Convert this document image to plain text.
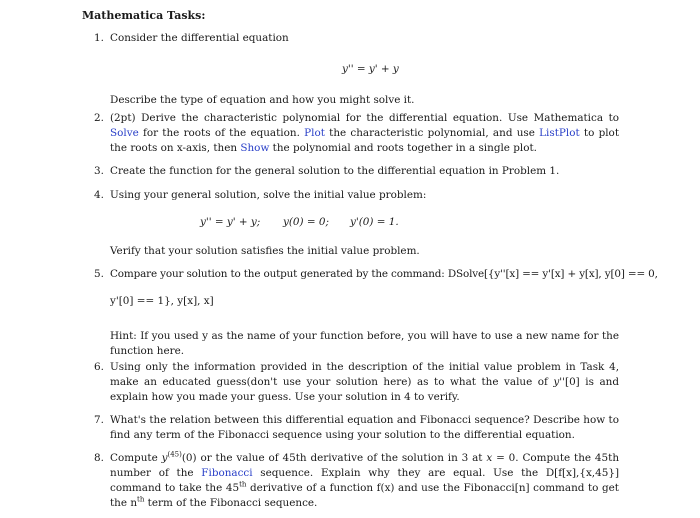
Mathematica Tasks:
1. Consider the differential equation
y'' = y' + y
Describe the type of equation and how you might solve it.
2. (2pt) Derive the characteristic polynomial for the differential equation. Use Mathematica to Solve for the roots of the equation. Plot the characteristic polynomial, and use ListPlot to plot the roots on x-axis, then Show the polynomial and roots together in a single plot.
3. Create the function for the general solution to the differential equation in Problem 1.
4. Using your general solution, solve the initial value problem:
y'' = y' + y; y(0) = 0; y'(0) = 1.
Verify that your solution satisfies the initial value problem.
5. Compare your solution to the output generated by the command: DSolve[{y''[x] == y'[x] + y[x], y[0] == 0,
y'[0] == 1}, y[x], x]
Hint: If you used y as the name of your function before, you will have to use a new name for the function here.
6. Using only the information provided in the description of the initial value problem in Task 4, make an educated guess(don't use your solution here) as to what the value of y''[0] is and explain how you made your guess. Use your solution in 4 to verify.
7. What's the relation between this differential equation and Fibonacci sequence? Describe how to find any term of the Fibonacci sequence using your solution to the differential equation.
8. Compute $y^{(45)}(0)$ or the value of 45th derivative of the solution in 3 at x = 0. Compute the 45th number of the Fibonacci sequence. Explain why they are equal. Use the D[f[x],{x,45}] command to take the 45th derivative of a function f(x) and use the Fibonacci[n] command to get the $n^{th}$ term of the Fibonacci sequence.
